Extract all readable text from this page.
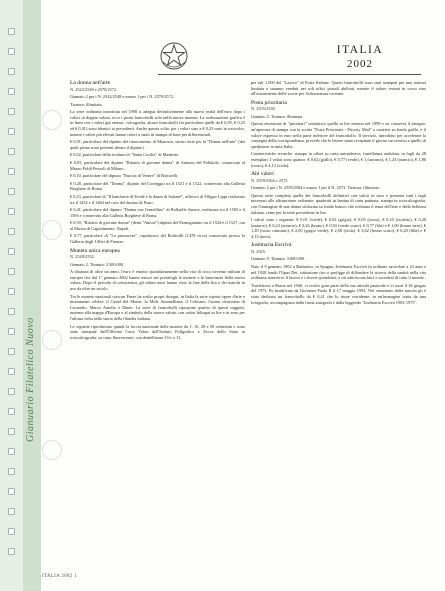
Gianuario Filatelico Nuovo
ITALIA
2002
La donna nell'arte
N. 2542/2548 e 2570/2572.

Gennaio 2 per i N. 2542/2548 e marzo 1 per i N. 2570/2572.

Tiratura: illimitata.

La serie ordinaria introdotta nel 1998 si adegua definitivamente alla nuova realtà dell'euro dopo i valori in doppia valuta, ecco i primi francobolli solo nella nuova moneta. La realizzazione grafica è in linea con i valori già emessi: calcografia, alcuni francobolli (in particolare quelli da € 0,05, € 0,23 ed € 0,41) sono identici ai precedenti. Anche questa volta, per i valori sino a € 0,23 sono in rotocalco, mentre i valori più elevati hanno colori a strati in stampa di base per differenziarli.

€ 0,01, particolare del dipinto del rinascimento di Maurizio, stesso serie per la "Donna nell'arte" (dei quali prima sono presenti dentro il dipinto).

€ 0,02, particolare della scultura di "Santa Cecilia" di Maderno.

€ 0,05, particolare del dipinto "Ritratto di giovane donna" di Antonio del Pollaiolo, conservato al Museo Poldi Pezzoli di Milano.

€ 0,10, particolare del dipinto "Nascita di Venere" di Botticelli.

€ 0,20, particolare del "Donna", dipinto del Correggio tra il 1521 e il 1522, conservato alla Galleria Borghese di Roma.

€ 0,23, particolare di "Il banchetto di Erode e la danza di Salomè", affresco di Filippo Lippi realizzato tra il 1452 e il 1464 nel coro del duomo di Prato.

€ 0,41, particolare del dipinto "Donna con l'ermellino" di Raffaello Sanzio, realizzato tra il 1505 e il 1506 e conservato alla Galleria Borghese di Roma.

€ 0,50, "Ritratto di giovane donna" (detta "Amica") dipinto del Parmigianino tra il 1524 e il 1527, ora al Museo di Capodimonte, Napoli.

€ 0,77, particolare di "La primavera", capolavoro del Botticelli (1478 circa) conservato presso la Galleria degli Uffizi di Firenze.

Moneta unica europea
N. 2549/2552.

Gennaio 2. Tiratura: 3.500.000.

A distanza di oltre un anno, l'euro è entrato quotidianamente nella vita di circa trecento milioni di europei che dal 1° gennaio 2002 hanno messo nei portafogli le monete e le banconote della nuova valuta. Dopo il periodo di coesistenza, gli ultimi mesi hanno visto la fine della lira e dei marchi in uso da oltre un secolo.

Tra le monete nazionali ciascun Paese ha scelto propri disegni, in Italia la serie riporta opere d'arte e monumenti celebri: il Castel del Monte, la Mole Antonelliana, il Colosseo, l'uomo vitruviano di Leonardo, Marco Aurelio e Dante. La serie di francobolli ripropone quattro di questi soggetti, insieme alla mappa d'Europa e al simbolo della nuova valuta, con valori bilingui in lire e in euro per l'ultima volta nella storia della filatelia italiana.

Le vignette riproducono quindi la faccia nazionale delle monete da 1, 10, 20 e 50 centesimi e sono state stampate dall'Officina Carte Valori dell'Istituto Poligrafico e Zecca dello Stato in rotocalcografia, su carta fluorescente, con dentellatura 13¼ x 13.

per tali 1,000 del "Lavoro" di Poste Italiane. Questi francobolli sono stati stampati per una tiratura limitata e saranno venduti nei soli uffici postali abilitati, mentre il valore resterà in corso sino all'esaurimento delle scorte per l'affrancatura corrente.

Posta prioritaria
N. 2555/2558.

Gennaio 2. Tiratura: illimitata.

Questa emissione di "prioritari" sostituisce quella in lire emessa nel 1999 e ne conserva il disegno: un'apertura di stampa con la scritta "Posta Prioritaria - Priority Mail" a caratteri su fondo giallo, e il valore espresso in euro nella parte inferiore del francobollo. Il servizio, introdotto per accelerare la consegna della corrispondenza, prevede che le lettere siano recapitate il giorno successivo a quello di spedizione in tutta Italia.

Caratteristiche tecniche: stampa in offset su carta autoadesiva, fustellatura ondulata, in fogli da 28 esemplari. I valori sono quattro: € 0,62 (giallo), € 0,77 (verde), € 1 (azzurro), € 1,24 (arancio), € 1,86 (rosso), € 4,13 (viola).

Abi valori
N. 2559/2564 e 2573.

Gennaio 2 per i N. 2559/2564 e marzo 1 per il N. 2573. Tiratura: illimitata.

Questa serie completa quella dei francobolli definitivi con valori in euro e presenta tutti i tagli necessari alle affrancature ordinarie: quadrotti in lamina di carta patinata, stampa in rotocalcografia, con l'immagine di una donna stilizzata su fondo bianco che richiama il tema dell'arte e della bellezza italiana, come per la serie precedente in lire.

I valori sono i seguenti: € 0,01 (verde), € 0,02 (grigio), € 0,05 (rosso), € 0,10 (violetto), € 0,20 (azzurro), € 0,23 (arancio), € 0,26 (bruno), € 0,50 (verde scuro), € 0,77 (blu) e € 1,00 (bruno nero), € 1,20 (rosso carminio), € 2,00 (grigio verde), € 2,58 (viola), € 3,62 (bruno scuro), € 6,20 (lilla) e € 4,13 (nero).

Josémaria Escrivá
N. 2565.

Gennaio 9. Tiratura: 3.000.000.

Nato il 9 gennaio 1902 a Barbastro, in Spagna, Josémaria Escrivá fu ordinato sacerdote a 23 anni e nel 1928 fondò l'Opus Dei, istituzione che si prefigge di diffondere la ricerca della santità nella vita ordinaria attraverso il lavoro e i doveri quotidiani, a cui aderiscono laici e sacerdoti di tutto il mondo.

Trasferitosi a Roma nel 1946, vi svolse gran parte della sua attività pastorale e vi morì il 26 giugno del 1975. Fu beatificato da Giovanni Paolo II il 17 maggio 1992. Nel centenario della nascita gli è stato dedicato un francobollo da € 0,41 che lo ritrae sorridente, in un'immagine tratta da una fotografia, accompagnata dalla firma autografa e dalla leggenda "Josémaria Escrivá 1902-1975".

ITALIA 2002 1
